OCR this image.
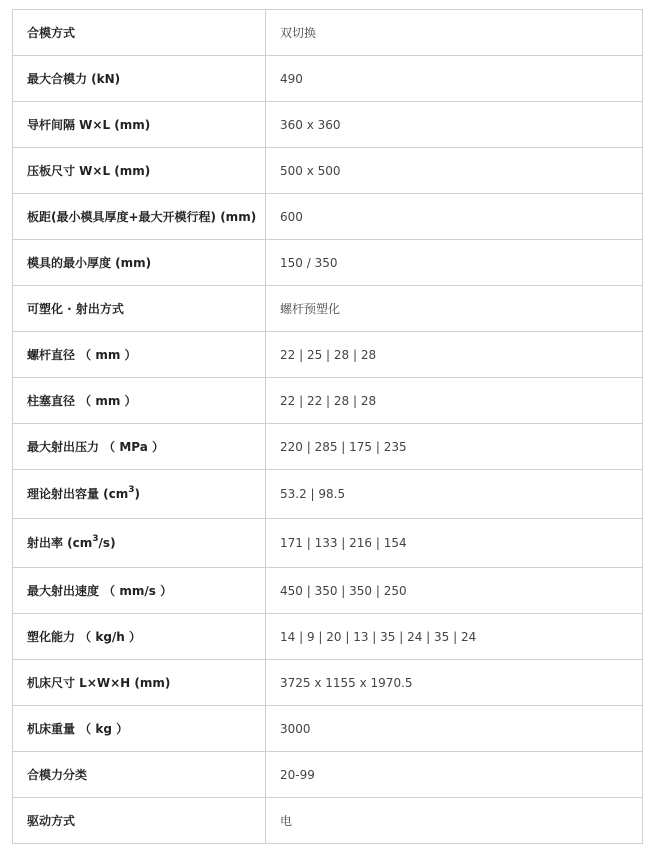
合模方式	双切换
最大合模力 (kN)	490
导杆间隔 W×L (mm)	360 x 360
压板尺寸 W×L (mm)	500 x 500
板距(最小模具厚度+最大开模行程) (mm)	600
模具的最小厚度 (mm)	150 / 350
可塑化 · 射出方式	螺杆预塑化
螺杆直径 （ mm ）	22 | 25 | 28 | 28
柱塞直径 （ mm ）	22 | 22 | 28 | 28
最大射出压力 （ MPa ）	220 | 285 | 175 | 235
理论射出容量 $(cm^3)$	53.2 | 98.5
射出率 $(cm^3/s)$	171 | 133 | 216 | 154
最大射出速度 （ mm/s ）	450 | 350 | 350 | 250
塑化能力 （ kg/h ）	14 | 9 | 20 | 13 | 35 | 24 | 35 | 24
机床尺寸 L×W×H (mm)	3725 x 1155 x 1970.5
机床重量 （ kg ）	3000
合模力分类	20-99
驱动方式	电
